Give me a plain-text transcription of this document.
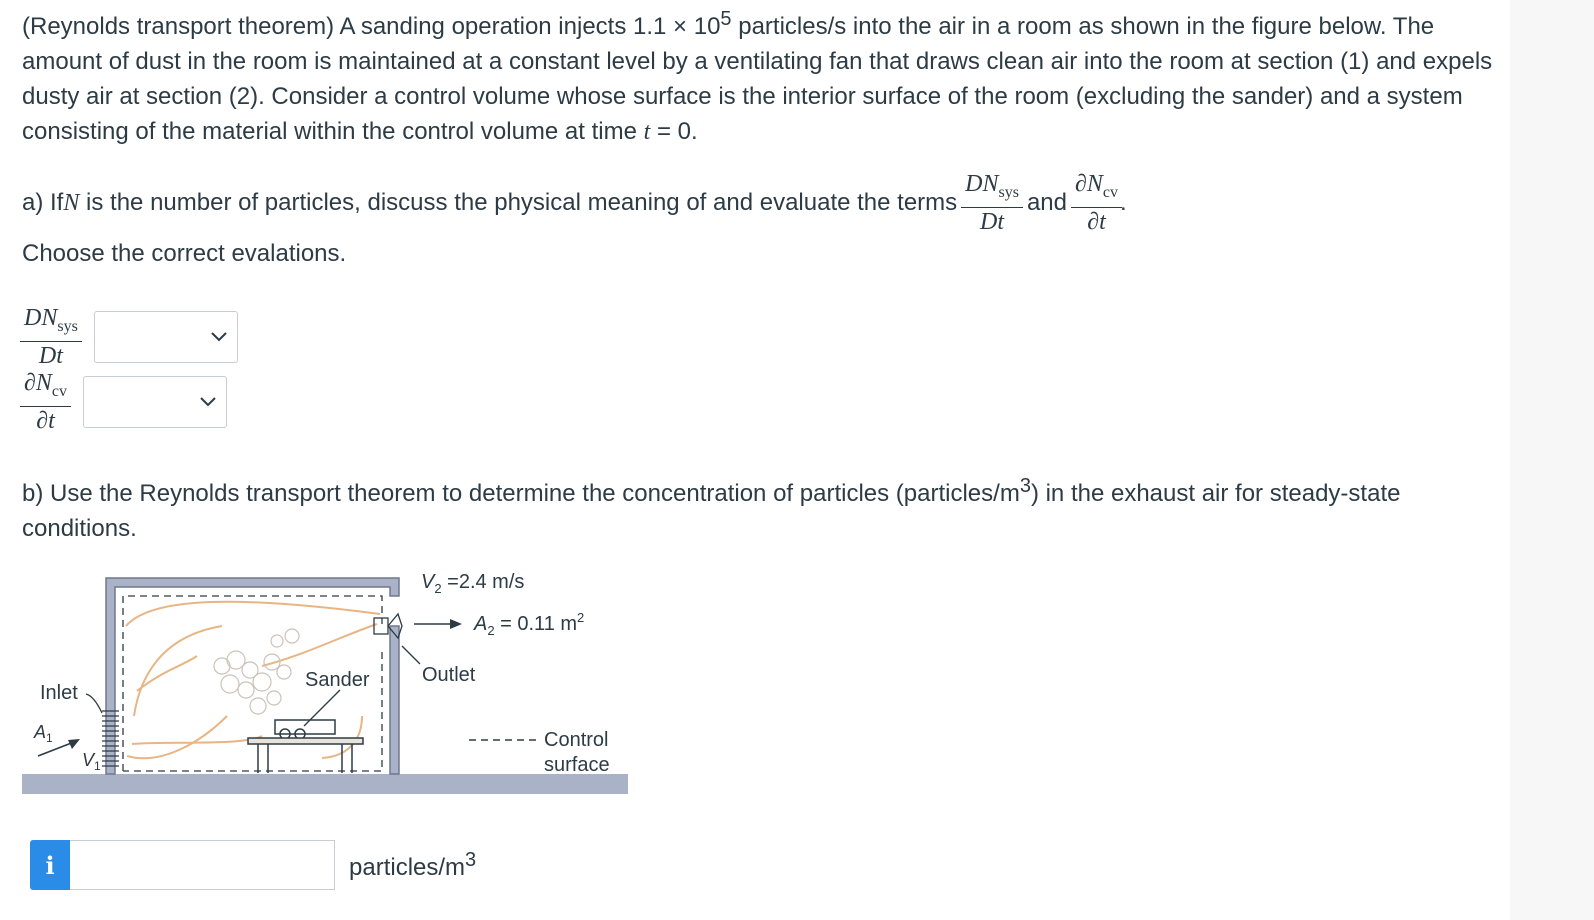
(Reynolds transport theorem) A sanding operation injects $1.1 \times 10^5$ particles/s into the air in a room as shown in the figure below. The amount of dust in the room is maintained at a constant level by a ventilating fan that draws clean air into the room at section (1) and expels dusty air at section (2). Consider a control volume whose surface is the interior surface of the room (excluding the sander) and a system consisting of the material within the control volume at time t = 0.
a) If N
is the number of particles, discuss the physical meaning of and evaluate the terms $\frac{DN_{sys}}{Dt}$ and $\frac{\partial N_{cv}}{\partial t}$ .
Choose the correct evalations.
$\frac{DN_{sys}}{Dt}$
$\frac{\partial N_{cv}}{\partial t}$
b) Use the Reynolds transport theorem to determine the concentration of particles $(particles/m^3)$ in the exhaust air for steady-state conditions.
$V_2 =2.4$ m/s
$A_2 = 0.11$ $m^2$
Outlet
Sander
Inlet
$A_1$
$V_1$
Control
surface
i	particles/$m^3$
